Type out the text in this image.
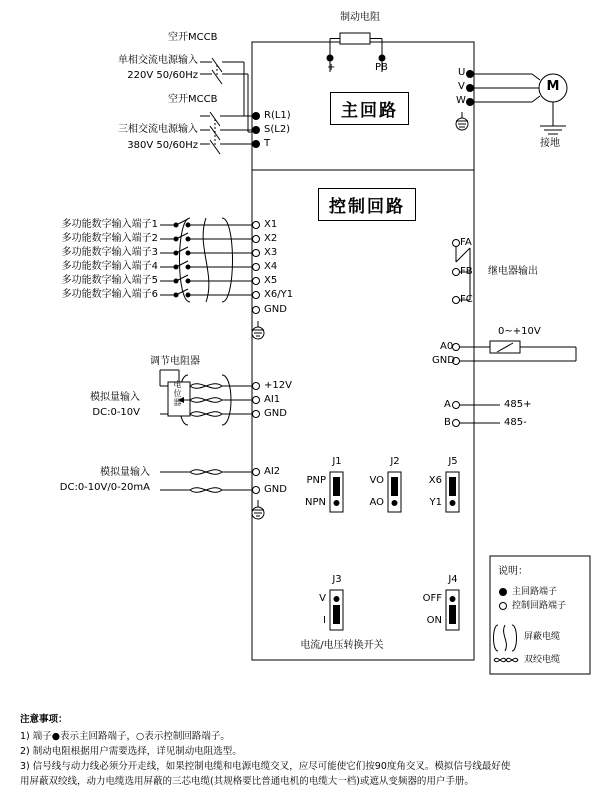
制动电阻
+	PB
空开MCCB
单相交流电源输入
220V 50/60Hz
空开MCCB
三相交流电源输入
380V 50/60Hz
R(L1)
S(L2)
T
主回路
控制回路
U
V
W
M
接地
多功能数字输入端子1
多功能数字输入端子2
多功能数字输入端子3
多功能数字输入端子4
多功能数字输入端子5
多功能数字输入端子6
X1
X2
X3
X4
X5
X6/Y1
GND
FA
FB
FC
继电器输出
0~+10V
A0
GND
A
B
485+
485-
调节电阻器
电位器	+12V
AI1
GND
模拟量输入
DC:0-10V
模拟量输入
DC:0-10V/0-20mA
AI2
GND
J1
PNP
NPN
J2
VO
AO
J5
X6
Y1
J3
V
I
J4
OFF
ON
电流/电压转换开关
说明：
主回路端子
控制回路端子
屏蔽电缆
双绞电缆
注意事项：
1) 端子●表示主回路端子，○表示控制回路端子。
2) 制动电阻根据用户需要选择，详见制动电阻选型。
3) 信号线与动力线必须分开走线，如果控制电缆和电源电缆交叉，应尽可能使它们按90度角交叉。模拟信号线最好使
用屏蔽双绞线，动力电缆选用屏蔽的三芯电缆(其规格要比普通电机的电缆大一档)或遮从变频器的用户手册。
